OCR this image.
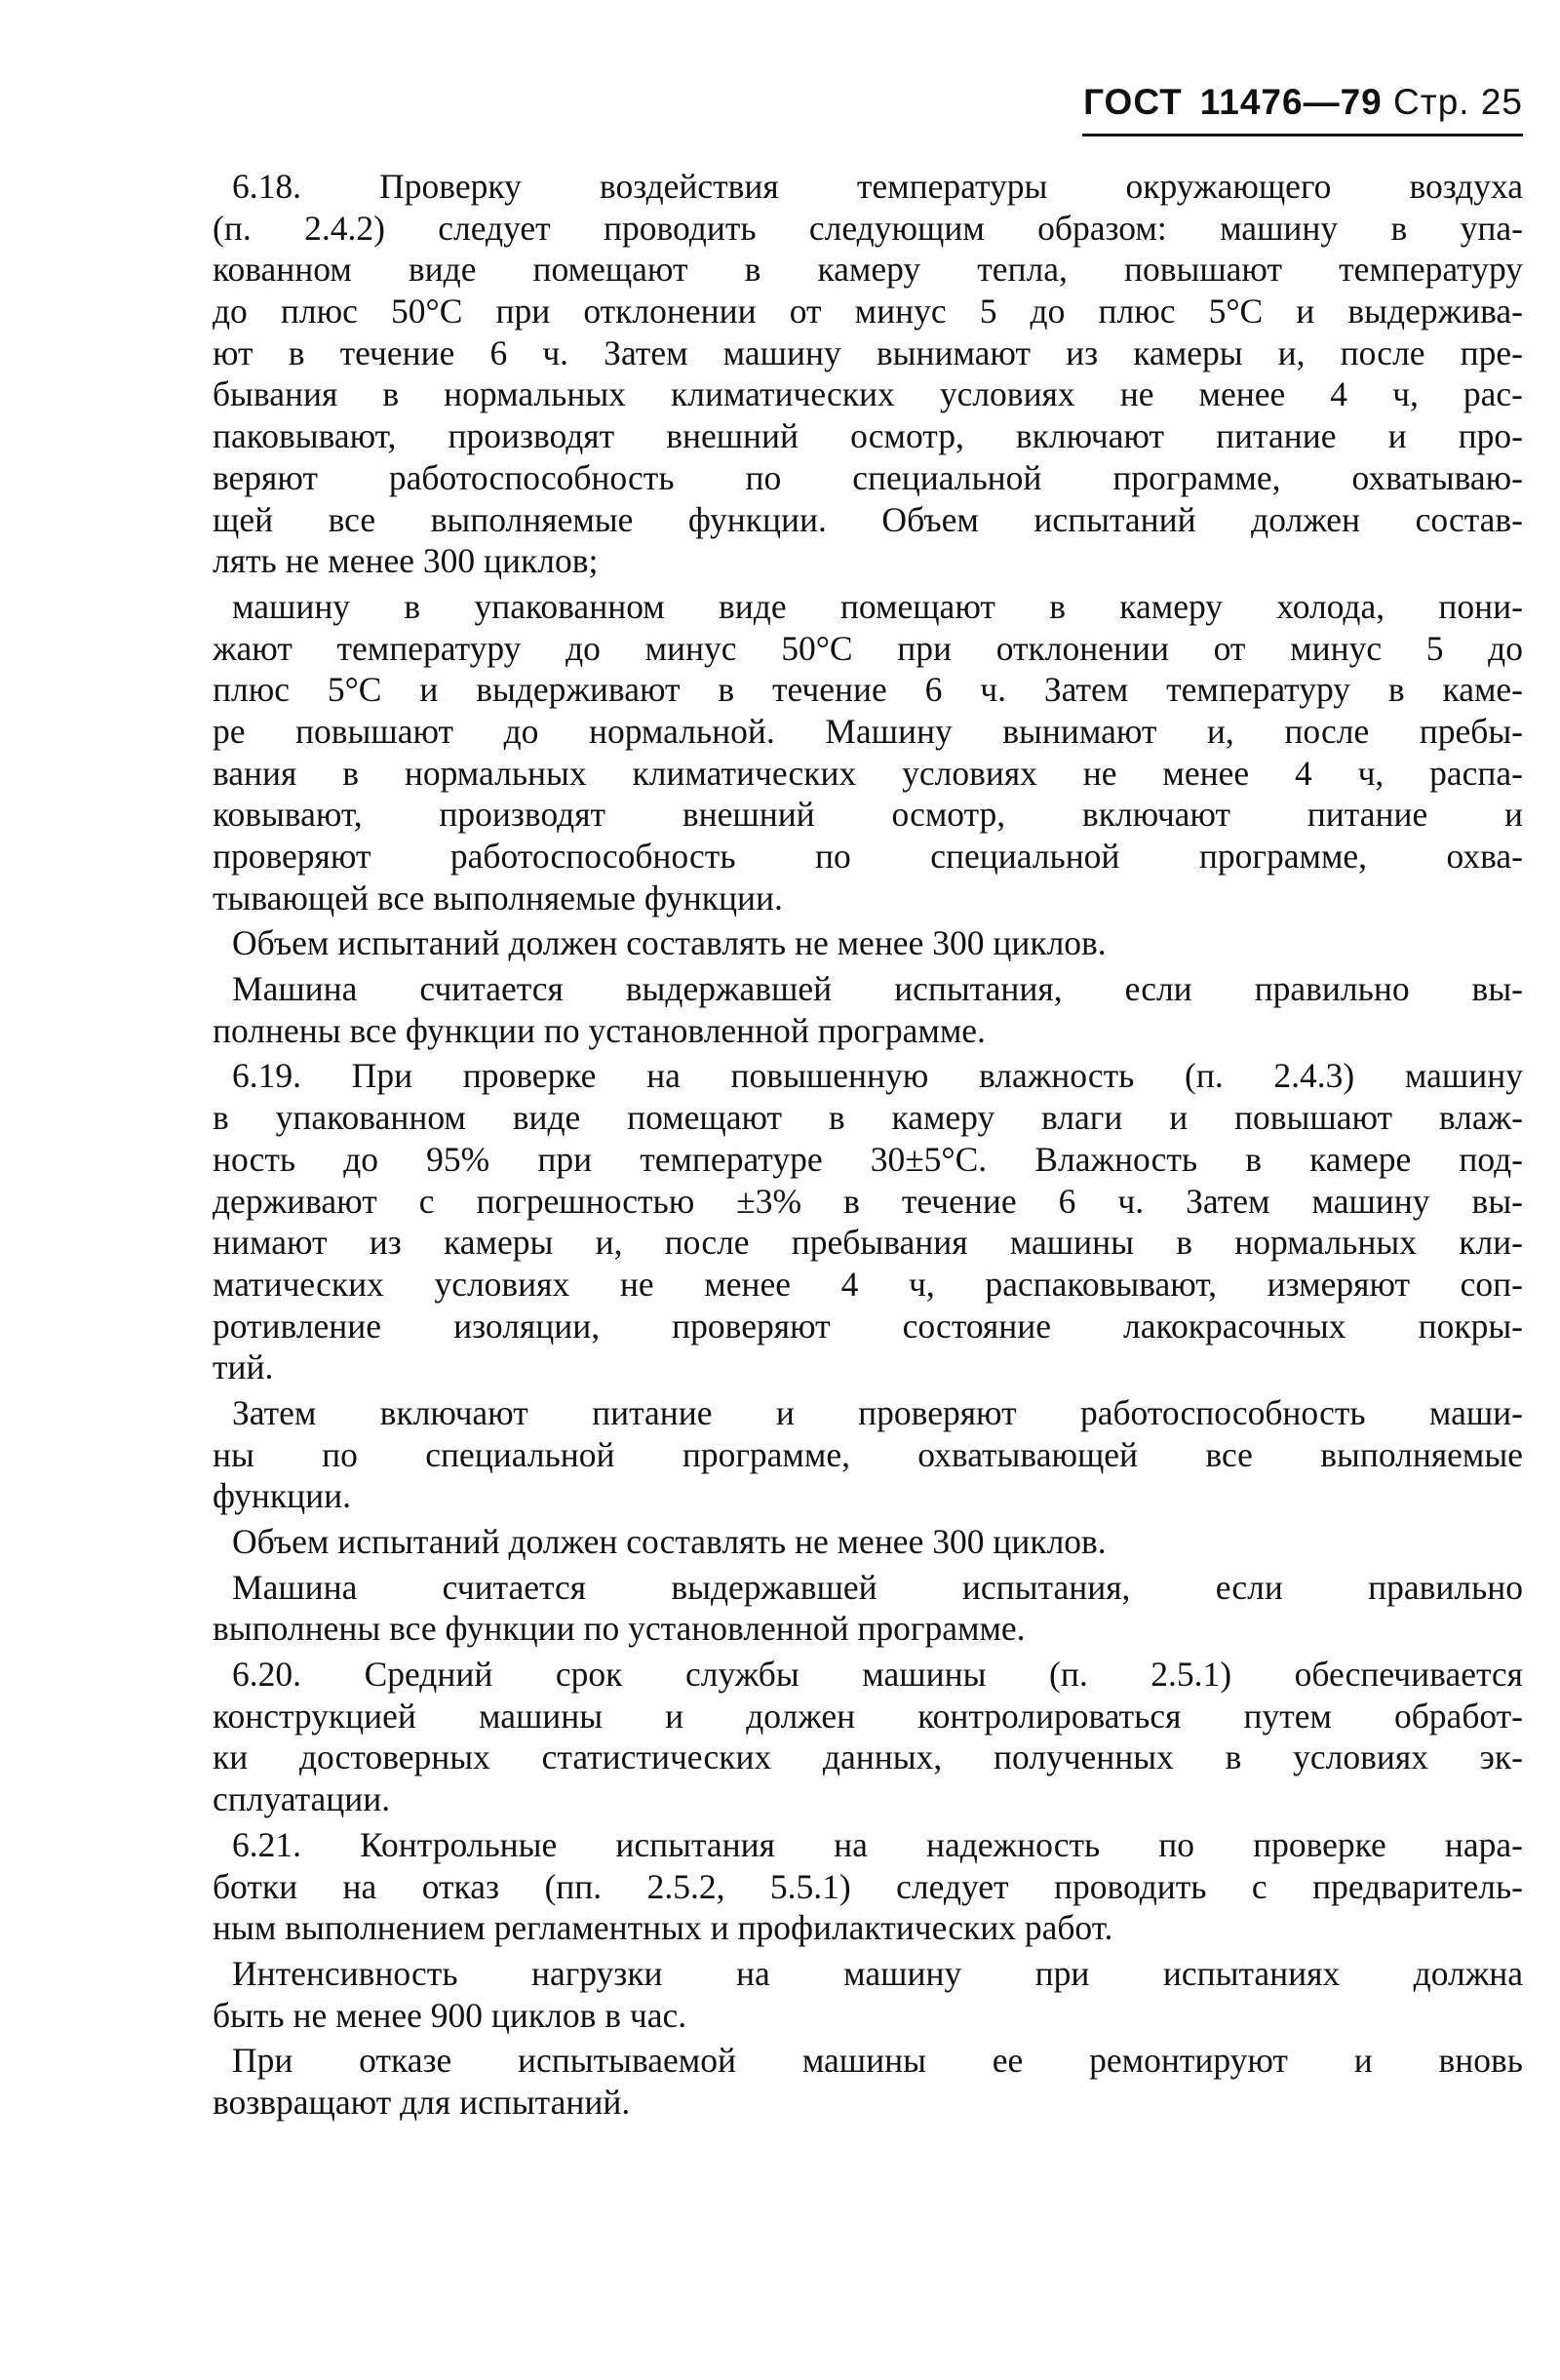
ГОСТ 11476—79 Стр. 25
6.18. Проверку воздействия температуры окружающего воздуха
(п. 2.4.2) следует проводить следующим образом: машину в упа-
кованном виде помещают в камеру тепла, повышают температуру
до плюс 50°С при отклонении от минус 5 до плюс 5°С и выдержива-
ют в течение 6 ч. Затем машину вынимают из камеры и, после пре-
бывания в нормальных климатических условиях не менее 4 ч, рас-
паковывают, производят внешний осмотр, включают питание и про-
веряют работоспособность по специальной программе, охватываю-
щей все выполняемые функции. Объем испытаний должен состав-
лять не менее 300 циклов;
машину в упакованном виде помещают в камеру холода, пони-
жают температуру до минус 50°С при отклонении от минус 5 до
плюс 5°С и выдерживают в течение 6 ч. Затем температуру в каме-
ре повышают до нормальной. Машину вынимают и, после пребы-
вания в нормальных климатических условиях не менее 4 ч, распа-
ковывают, производят внешний осмотр, включают питание и
проверяют работоспособность по специальной программе, охва-
тывающей все выполняемые функции.
Объем испытаний должен составлять не менее 300 циклов.
Машина считается выдержавшей испытания, если правильно вы-
полнены все функции по установленной программе.
6.19. При проверке на повышенную влажность (п. 2.4.3) машину
в упакованном виде помещают в камеру влаги и повышают влаж-
ность до 95% при температуре 30±5°С. Влажность в камере под-
держивают с погрешностью ±3% в течение 6 ч. Затем машину вы-
нимают из камеры и, после пребывания машины в нормальных кли-
матических условиях не менее 4 ч, распаковывают, измеряют соп-
ротивление изоляции, проверяют состояние лакокрасочных покры-
тий.
Затем включают питание и проверяют работоспособность маши-
ны по специальной программе, охватывающей все выполняемые
функции.
Объем испытаний должен составлять не менее 300 циклов.
Машина считается выдержавшей испытания, если правильно
выполнены все функции по установленной программе.
6.20. Средний срок службы машины (п. 2.5.1) обеспечивается
конструкцией машины и должен контролироваться путем обработ-
ки достоверных статистических данных, полученных в условиях эк-
сплуатации.
6.21. Контрольные испытания на надежность по проверке нара-
ботки на отказ (пп. 2.5.2, 5.5.1) следует проводить с предваритель-
ным выполнением регламентных и профилактических работ.
Интенсивность нагрузки на машину при испытаниях должна
быть не менее 900 циклов в час.
При отказе испытываемой машины ее ремонтируют и вновь
возвращают для испытаний.
